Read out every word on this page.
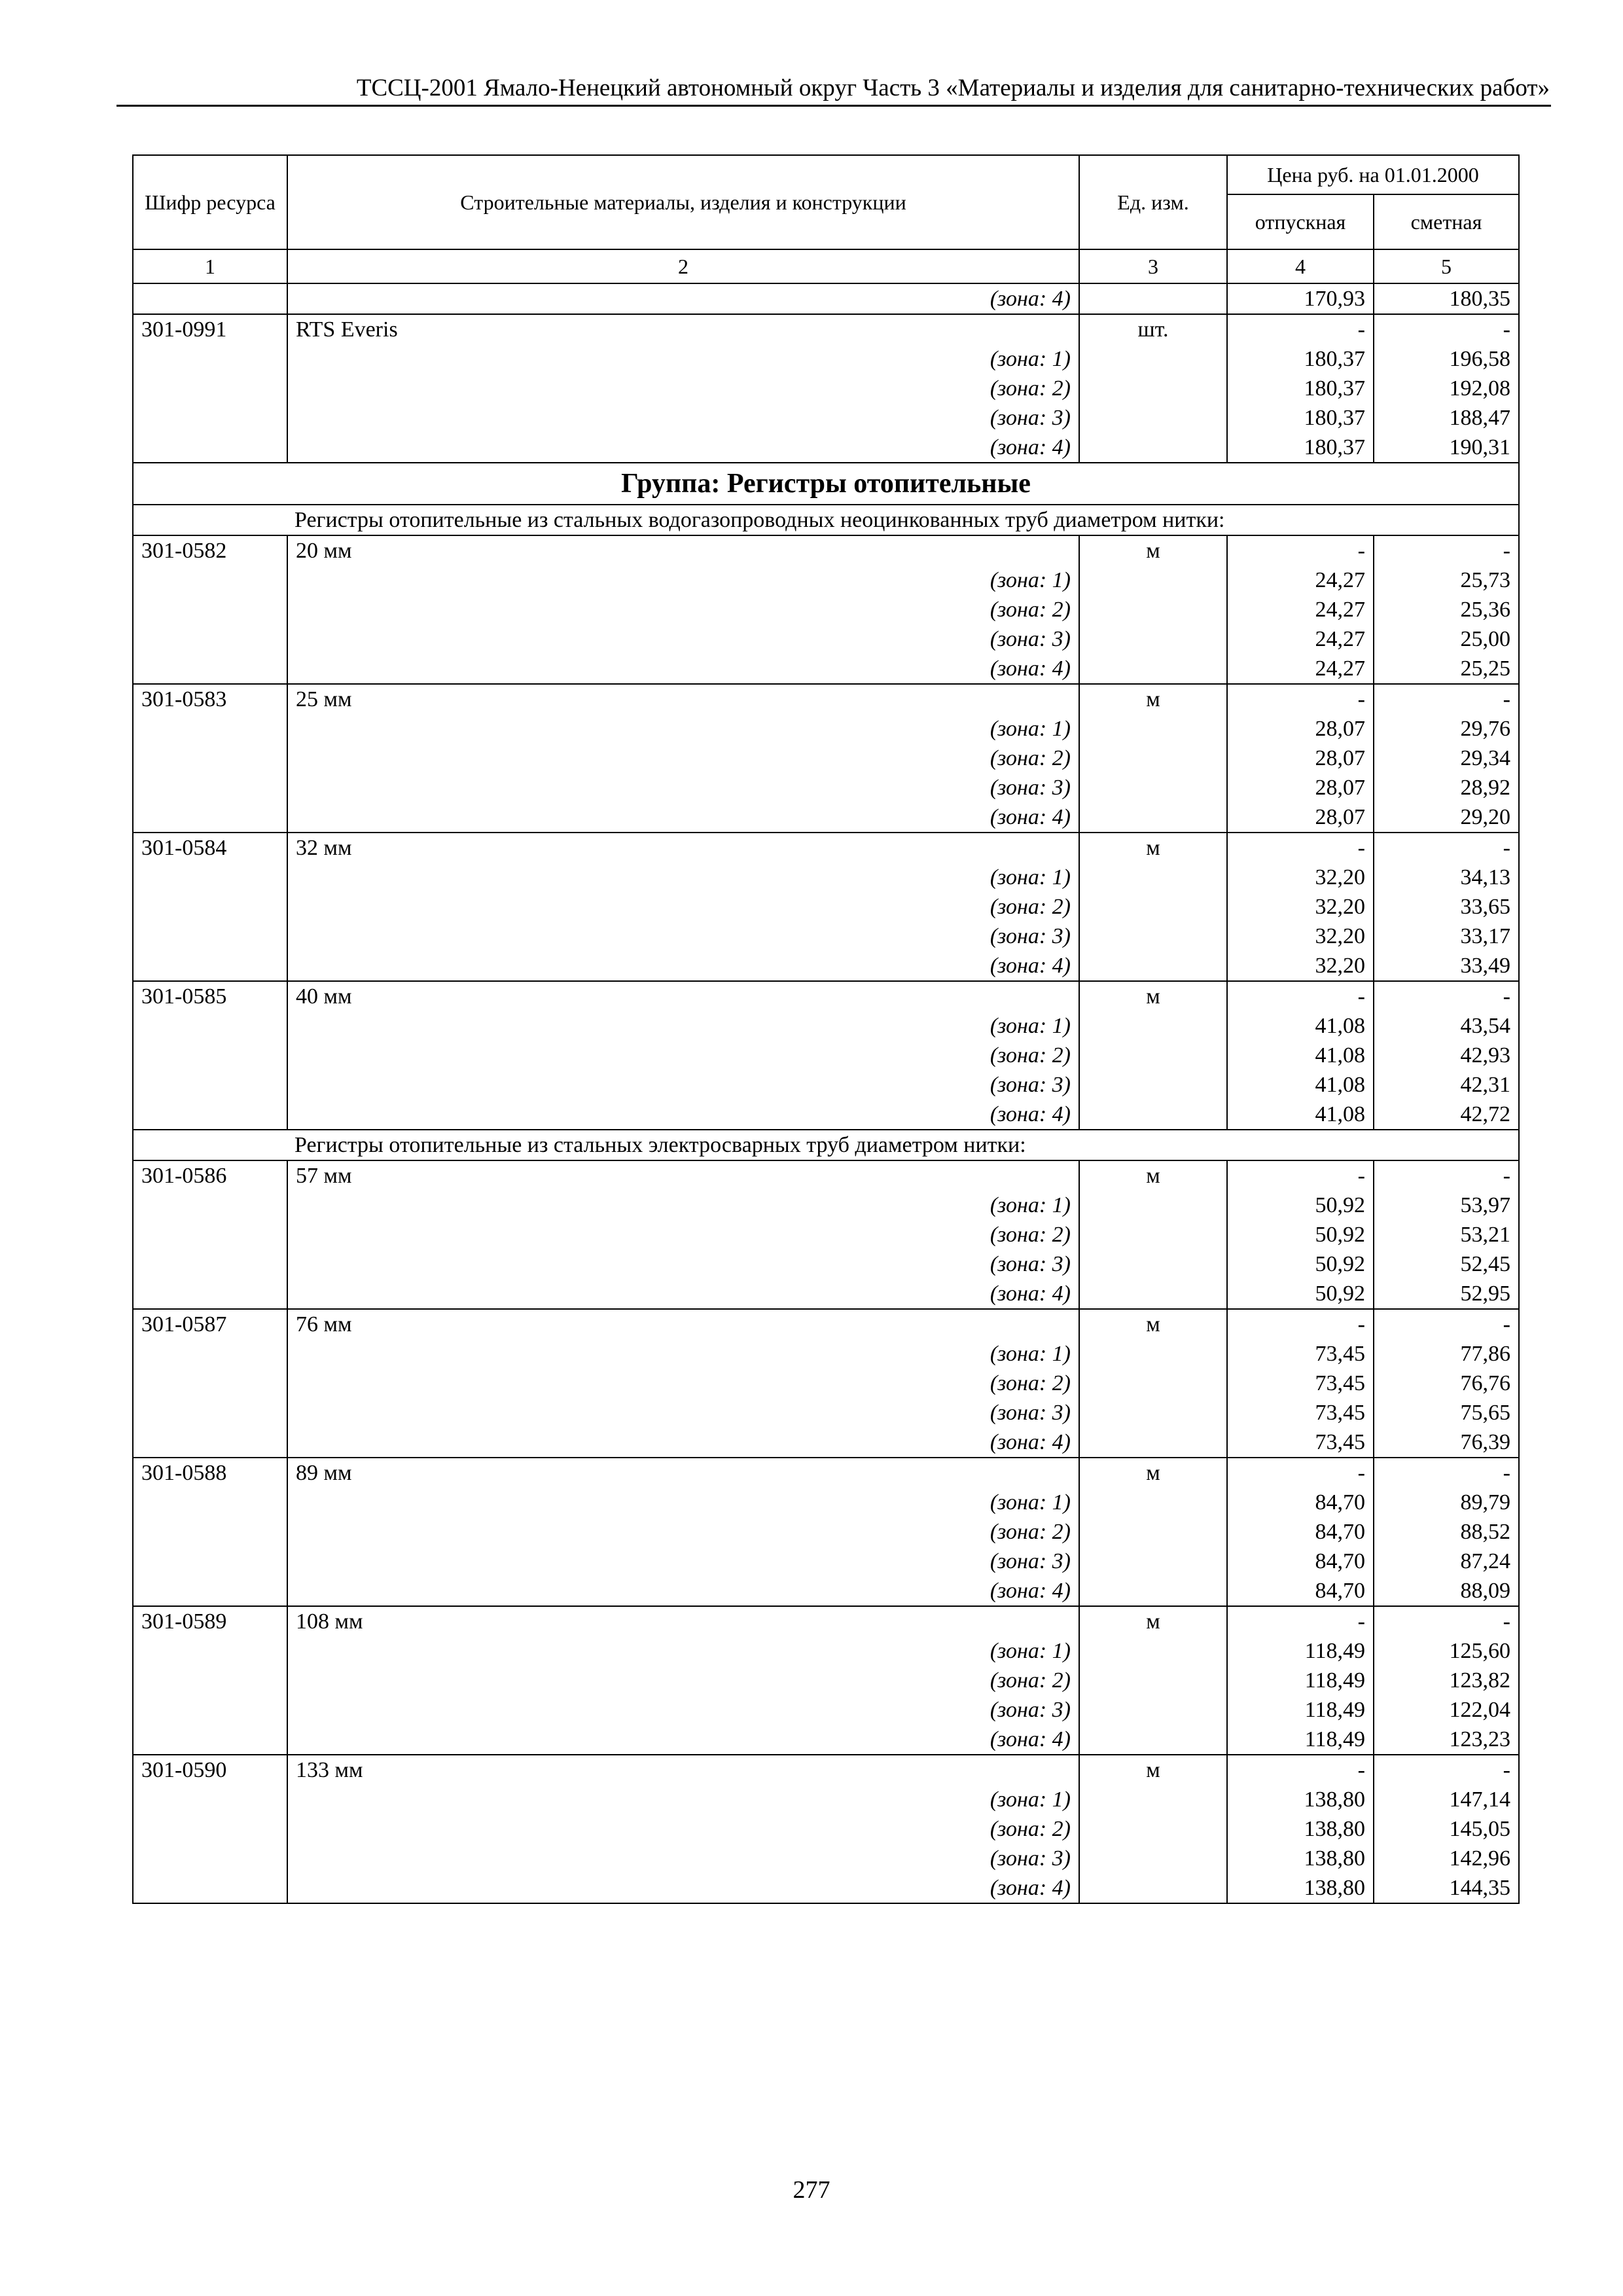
ТССЦ-2001 Ямало-Ненецкий автономный округ Часть 3 «Материалы и изделия для санитарно-технических работ»
Шифр ресурса	Строительные материалы, изделия и конструкции	Ед. изм.	Цена руб. на 01.01.2000	
			отпускная	сметная
1	2	3	4	5
	(зона: 4)		170,93	180,35
301-0991	RTS Everis	шт.	-	-
	(зона: 1)		180,37	196,58
	(зона: 2)		180,37	192,08
	(зона: 3)		180,37	188,47
	(зона: 4)		180,37	190,31
Группа: Регистры отопительные				
Регистры отопительные из стальных водогазопроводных неоцинкованных труб диаметром нитки:				
301-0582	20 мм	м	-	-
	(зона: 1)		24,27	25,73
	(зона: 2)		24,27	25,36
	(зона: 3)		24,27	25,00
	(зона: 4)		24,27	25,25
301-0583	25 мм	м	-	-
	(зона: 1)		28,07	29,76
	(зона: 2)		28,07	29,34
	(зона: 3)		28,07	28,92
	(зона: 4)		28,07	29,20
301-0584	32 мм	м	-	-
	(зона: 1)		32,20	34,13
	(зона: 2)		32,20	33,65
	(зона: 3)		32,20	33,17
	(зона: 4)		32,20	33,49
301-0585	40 мм	м	-	-
	(зона: 1)		41,08	43,54
	(зона: 2)		41,08	42,93
	(зона: 3)		41,08	42,31
	(зона: 4)		41,08	42,72
Регистры отопительные из стальных электросварных труб диаметром нитки:				
301-0586	57 мм	м	-	-
	(зона: 1)		50,92	53,97
	(зона: 2)		50,92	53,21
	(зона: 3)		50,92	52,45
	(зона: 4)		50,92	52,95
301-0587	76 мм	м	-	-
	(зона: 1)		73,45	77,86
	(зона: 2)		73,45	76,76
	(зона: 3)		73,45	75,65
	(зона: 4)		73,45	76,39
301-0588	89 мм	м	-	-
	(зона: 1)		84,70	89,79
	(зона: 2)		84,70	88,52
	(зона: 3)		84,70	87,24
	(зона: 4)		84,70	88,09
301-0589	108 мм	м	-	-
	(зона: 1)		118,49	125,60
	(зона: 2)		118,49	123,82
	(зона: 3)		118,49	122,04
	(зона: 4)		118,49	123,23
301-0590	133 мм	м	-	-
	(зона: 1)		138,80	147,14
	(зона: 2)		138,80	145,05
	(зона: 3)		138,80	142,96
	(зона: 4)		138,80	144,35
277
